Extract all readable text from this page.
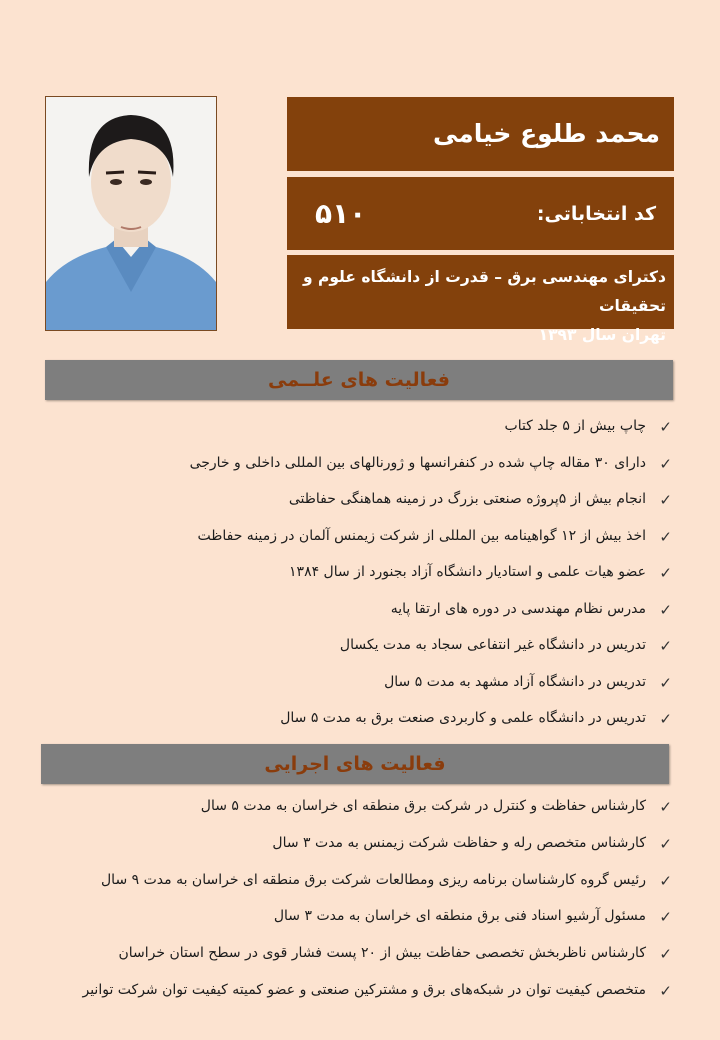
محمد طلوع خیامی
کد انتخاباتی:
۵۱۰
دکترای مهندسی برق – قدرت از دانشگاه علوم و تحقیقات
تهران سال ۱۳۹۳
فعالیت های علــمی
✓
چاپ بیش از ۵ جلد کتاب
✓
دارای ۳۰ مقاله چاپ شده در کنفرانسها و ژورنالهای بین المللی داخلی و خارجی
✓
انجام بیش از ۵پروژه صنعتی بزرگ در زمینه هماهنگی حفاظتی
✓
اخذ بیش از ۱۲ گواهینامه بین المللی از شرکت زیمنس آلمان در زمینه حفاظت
✓
عضو هیات علمی و استادیار دانشگاه آزاد بجنورد از سال ۱۳۸۴
✓
مدرس نظام مهندسی در دوره های ارتقا پایه
✓
تدریس در دانشگاه غیر انتفاعی سجاد به مدت یکسال
✓
تدریس در دانشگاه آزاد مشهد به مدت ۵ سال
✓
تدریس در دانشگاه علمی و کاربردی صنعت برق به مدت ۵ سال
فعالیت های اجرایی
✓
کارشناس حفاظت و کنترل در شرکت برق منطقه ای خراسان به مدت ۵ سال
✓
کارشناس متخصص رله و حفاظت شرکت زیمنس به مدت ۳ سال
✓
رئیس گروه کارشناسان برنامه ریزی ومطالعات شرکت برق منطقه ای خراسان به مدت ۹ سال
✓
مسئول آرشیو اسناد فنی برق منطقه ای خراسان به مدت ۳ سال
✓
کارشناس ناظربخش تخصصی حفاظت بیش از ۲۰ پست فشار قوی در سطح استان خراسان
✓
متخصص کیفیت توان در شبکه‌های برق و مشترکین صنعتی و عضو کمیته کیفیت توان شرکت توانیر
